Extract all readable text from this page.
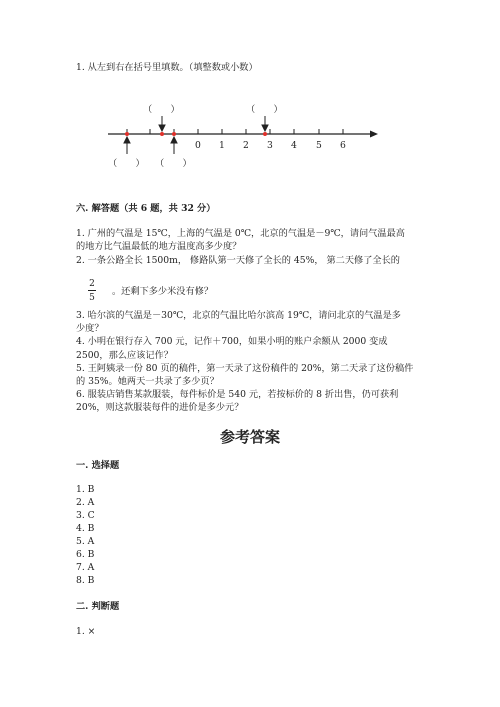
1. 从左到右在括号里填数。（填整数或小数）
（　　）	（　　）
（　　） （　　）
0 1 2 3 4 5 6
六. 解答题（共 6 题，共 32 分）
1. 广州的气温是 15℃，上海的气温是 0℃，北京的气温是－9℃，请问气温最高
的地方比气温最低的地方温度高多少度？
2. 一条公路全长 1500m， 修路队第一天修了全长的 45%， 第二天修了全长的
2
5
。还剩下多少米没有修？
3. 哈尔滨的气温是－30℃，北京的气温比哈尔滨高 19℃，请问北京的气温是多
少度？
4. 小明在银行存入 700 元，记作＋700，如果小明的账户余额从 2000 变成
2500，那么应该记作？
5. 王阿姨录一份 80 页的稿件，第一天录了这份稿件的 20%，第二天录了这份稿件
的 35%。她两天一共录了多少页？
6. 服装店销售某款服装，每件标价是 540 元，若按标价的 8 折出售，仍可获利
20%，则这款服装每件的进价是多少元？
参考答案
一. 选择题
1. B
2. A
3. C
4. B
5. A
6. B
7. A
8. B
二. 判断题
1. ×
